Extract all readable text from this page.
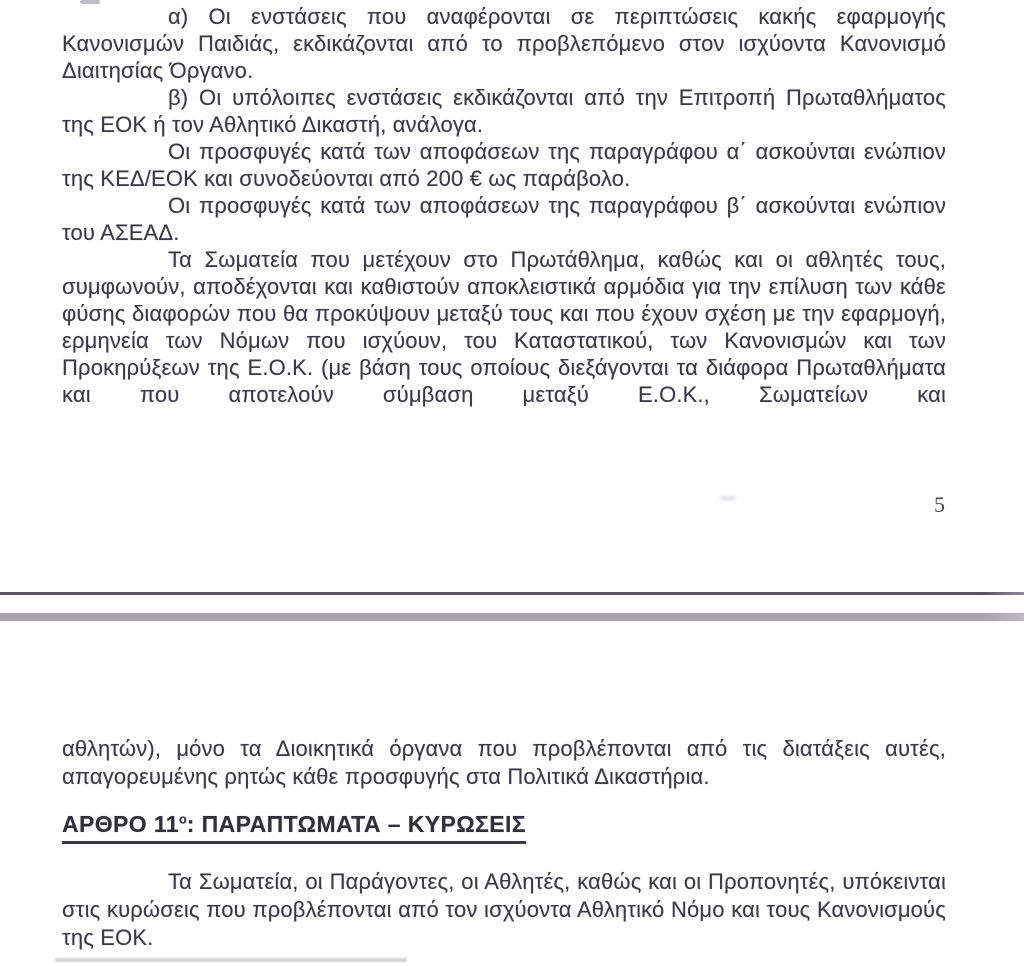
α) Οι ενστάσεις που αναφέρονται σε περιπτώσεις κακής εφαρμογής Κανονισμών Παιδιάς, εκδικάζονται από το προβλεπόμενο στον ισχύοντα Κανονισμό Διαιτησίας Όργανο.

β) Οι υπόλοιπες ενστάσεις εκδικάζονται από την Επιτροπή Πρωταθλήματος της ΕΟΚ ή τον Αθλητικό Δικαστή, ανάλογα.

Οι προσφυγές κατά των αποφάσεων της παραγράφου α΄ ασκούνται ενώπιον της ΚΕΔ/ΕΟΚ και συνοδεύονται από 200 € ως παράβολο.

Οι προσφυγές κατά των αποφάσεων της παραγράφου β΄ ασκούνται ενώπιον του ΑΣΕΑΔ.

Τα Σωματεία που μετέχουν στο Πρωτάθλημα, καθώς και οι αθλητές τους, συμφωνούν, αποδέχονται και καθιστούν αποκλειστικά αρμόδια για την επίλυση των κάθε φύσης διαφορών που θα προκύψουν μεταξύ τους και που έχουν σχέση με την εφαρμογή, ερμηνεία των Νόμων που ισχύουν, του Καταστατικού, των Κανονισμών και των Προκηρύξεων της Ε.Ο.Κ. (με βάση τους οποίους διεξάγονται τα διάφορα Πρωταθλήματα και που αποτελούν σύμβαση μεταξύ Ε.Ο.Κ., Σωματείων και

5

αθλητών), μόνο τα Διοικητικά όργανα που προβλέπονται από τις διατάξεις αυτές, απαγορευμένης ρητώς κάθε προσφυγής στα Πολιτικά Δικαστήρια.

ΑΡΘΡΟ $11^o$: ΠΑΡΑΠΤΩΜΑΤΑ – ΚΥΡΩΣΕΙΣ

Τα Σωματεία, οι Παράγοντες, οι Αθλητές, καθώς και οι Προπονητές, υπόκεινται στις κυρώσεις που προβλέπονται από τον ισχύοντα Αθλητικό Νόμο και τους Κανονισμούς της ΕΟΚ.
